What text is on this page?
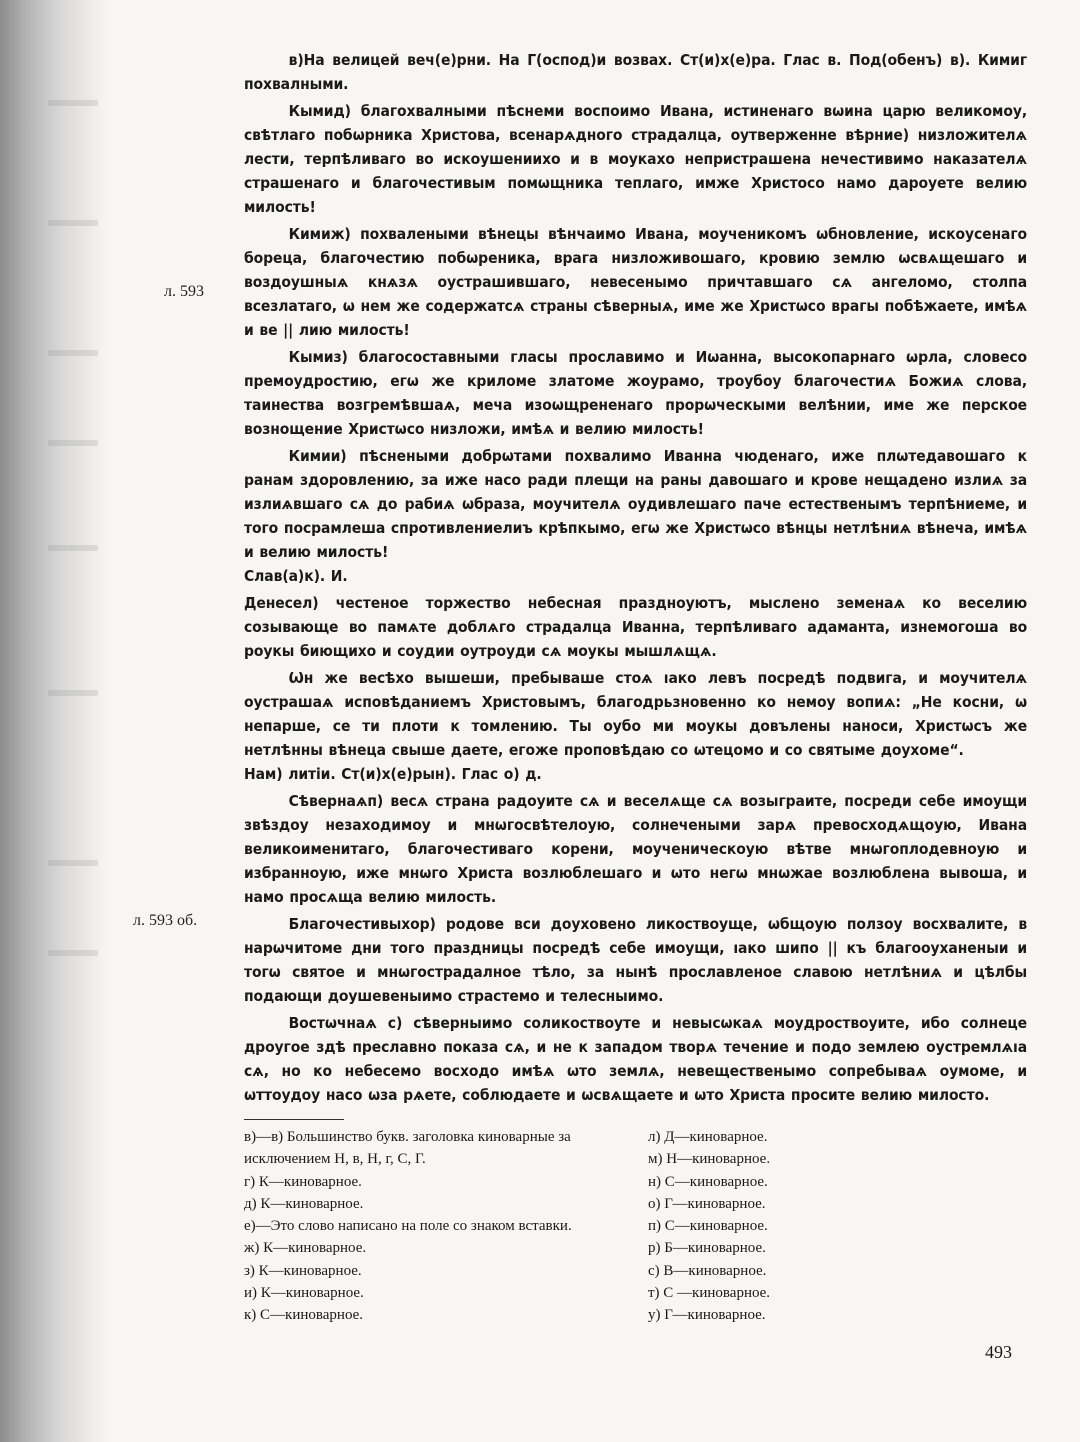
л. 593
л. 593 об.

в)На велицей веч(е)рни. На Г(оспод)и возвах. Ст(и)х(е)ра. Глас в. Под(обенъ) в). Кимиг похвалными.

Кымид) благохвалными пѣснеми воспоимо Ивана, истиненаго вѡина царю великомоу, свѣтлаго побѡрника Христова, всенарѧдного страдалца, оутверженне вѣрние) низложителѧ лести, терпѣливаго во искоушенииxо и в моукахо непристрашена нечестивимо наказателѧ страшенаго и благочестивым помѡщника теплаго, имже Христосо намо дароуете велию милость!

Кимиж) похвалеными вѣнецы вѣнчаимо Ивана, моученикомъ ѡбновление, искоусенаго бореца, благочестию побѡреника, врага низложивошаго, кровию землю ѡсвѧщешаго и воздоушныѧ кнѧзѧ оустрашившаго, невесенымо причтавшаго сѧ ангеломо, столпа всезлатаго, ѡ нем же содержатсѧ страны сѣверныѧ, име же Христѡсо врагы побѣжаете, имѣѧ и ве || лию милость!

Кымиз) благосоставными гласы прославимо и Иѡанна, высокопарнаго ѡрла, словесо премоудростию, егѡ же криломе златоме жоурамо, троубоу благочестиѧ Божиѧ слова, таинества возгремѣвшаѧ, меча изоѡщрененаго прорѡческыми велѣнии, име же перское вознощение Христѡсо низложи, имѣѧ и велию милость!

Кимии) пѣснеными добрѡтами похвалимо Иванна чюденаго, иже плѡтедавошаго к ранам здоровлению, за иже насо ради плещи на раны давошаго и крове нещадено излиѧ за излиѧвшаго сѧ до рабиѧ ѡбраза, моучителѧ оудивлешаго паче естественымъ терпѣниеме, и того посрамлеша спротивлениелиъ крѣпкымо, егѡ же Христѡсо вѣнцы нетлѣниѧ вѣнеча, имѣѧ и велию милость!

Слав(а)к). И.

Денесел) честеное торжество небесная праздноуютъ, мысленo земенаѧ ко веселию созывающе во памѧте доблѧго страдалца Иванна, терпѣливаго адаманта, изнемогоша во роукы биющихо и соудии оутроуди сѧ моукы мышлѧщѧ.

Ѡн же весѣхо вышеши, пребываше стоѧ ıако левъ посредѣ подвига, и моучителѧ оустрашаѧ исповѣданиемъ Христовымъ, благодрьзновенно ко немоу вопиѧ: „Не косни, ѡ непарше, се ти плоти к томлению. Ты оубо ми моукы довълены наноси, Христѡсъ же нетлѣнны вѣнеца свыше даете, егоже проповѣдаю со ѡтецомо и со святыме доухоме“.

Нам) литіи. Ст(и)х(е)рын). Глас о) д.

Сѣвернаѧп) весѧ страна радоуите сѧ и веселѧще сѧ возыграите, посреди себе имоущи звѣздоу незаходимоу и мнѡгосвѣтелоую, солнечеными зарѧ превосходѧщоую, Ивана великоименитаго, благочестиваго корени, моученическоую вѣтве мнѡгоплодевноую и избранноую, иже мнѡго Христа возлюблешаго и ѡто негѡ мнѡжае возлюблена вывоша, и намо просѧща велию милость.

Благочестивыхор) родове вси доуховено ликоствоуще, ѡбщоую ползоу восхвалите, в нарѡчитоме дни того праздницы посредѣ себе имоущи, ıако шипо || къ благооуханеныи и тогѡ святое и мнѡгострадалное тѣло, за нынѣ прославленое славою нетлѣниѧ и цѣлбы подающи доушевеныимо страстемо и телесныимо.

Востѡчнаѧ с) сѣверныимо соликоствоуте и невысѡкаѧ моудроствоуите, ибо солнеце дроугое здѣ преславно показа сѧ, и не к западом творѧ течение и подо землею оустремлѧıа сѧ, но ко небесемо восходо имѣѧ ѡто землѧ, невещественымо сопребываѧ оумоме, и ѡттоудоу насо ѡза рѧете, соблюдаете и ѡсвѧщаете и ѡто Христа просите велию милосто.

в)—в) Большинство букв. заголовка киноварные за исключением Н, в, Н, г, С, Г.

г) К—киноварное.

д) К—киноварное.

е)—Это слово написано на поле со знаком вставки.

ж) К—киноварное.

з) К—киноварное.

и) К—киноварное.

к) С—киноварное.

л) Д—киноварное.

м) Н—киноварное.

н) С—киноварное.

о) Г—киноварное.

п) С—киноварное.

р) Б—киноварное.

с) В—киноварное.

т) С —киноварное.

у) Г—киноварное.

493
